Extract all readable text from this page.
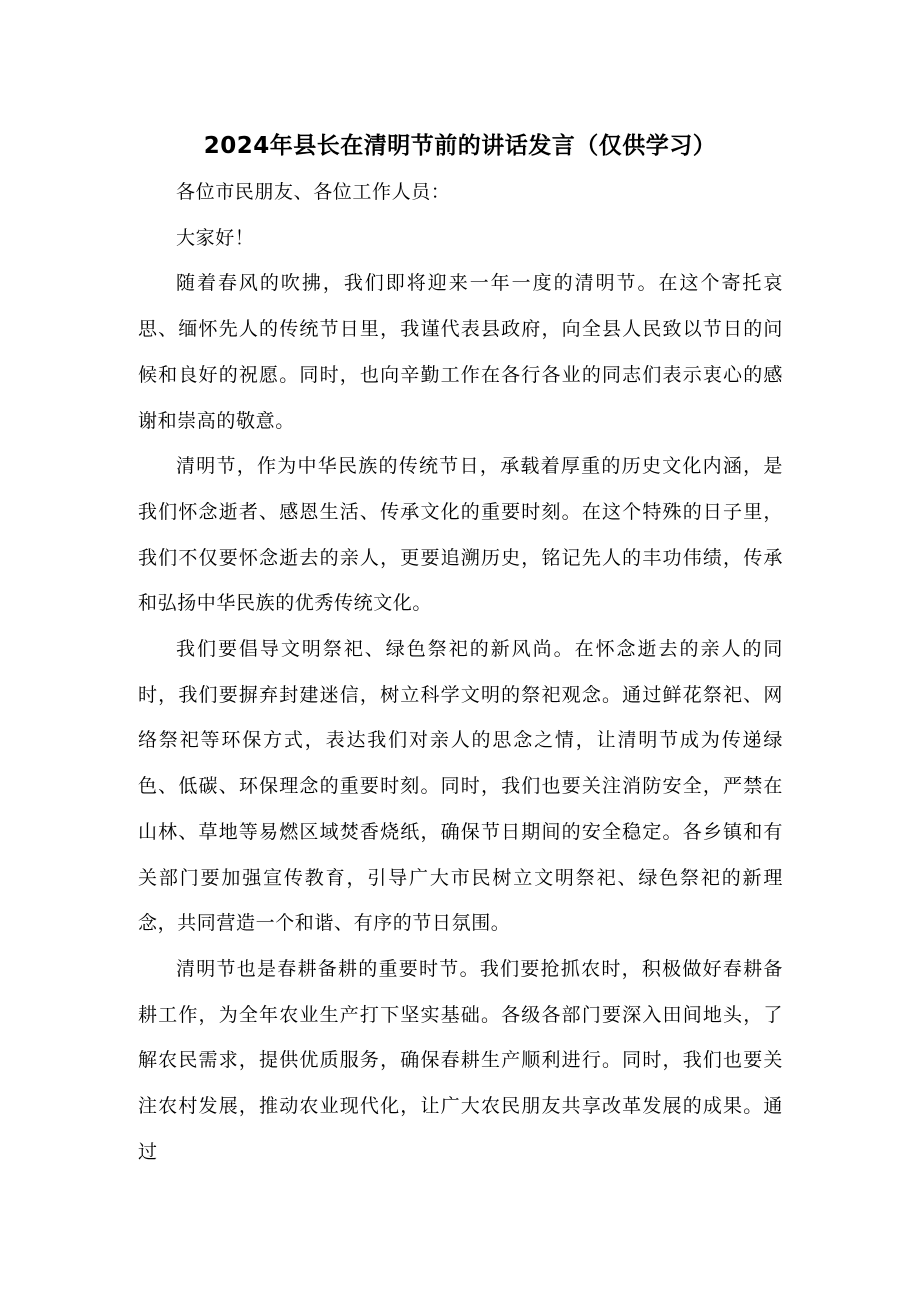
2024年县长在清明节前的讲话发言（仅供学习）

各位市民朋友、各位工作人员：

大家好！

随着春风的吹拂，我们即将迎来一年一度的清明节。在这个寄托哀思、缅怀先人的传统节日里，我谨代表县政府，向全县人民致以节日的问候和良好的祝愿。同时，也向辛勤工作在各行各业的同志们表示衷心的感谢和崇高的敬意。

清明节，作为中华民族的传统节日，承载着厚重的历史文化内涵，是我们怀念逝者、感恩生活、传承文化的重要时刻。在这个特殊的日子里，我们不仅要怀念逝去的亲人，更要追溯历史，铭记先人的丰功伟绩，传承和弘扬中华民族的优秀传统文化。

我们要倡导文明祭祀、绿色祭祀的新风尚。在怀念逝去的亲人的同时，我们要摒弃封建迷信，树立科学文明的祭祀观念。通过鲜花祭祀、网络祭祀等环保方式，表达我们对亲人的思念之情，让清明节成为传递绿色、低碳、环保理念的重要时刻。同时，我们也要关注消防安全，严禁在山林、草地等易燃区域焚香烧纸，确保节日期间的安全稳定。各乡镇和有关部门要加强宣传教育，引导广大市民树立文明祭祀、绿色祭祀的新理念，共同营造一个和谐、有序的节日氛围。

清明节也是春耕备耕的重要时节。我们要抢抓农时，积极做好春耕备耕工作，为全年农业生产打下坚实基础。各级各部门要深入田间地头，了解农民需求，提供优质服务，确保春耕生产顺利进行。同时，我们也要关注农村发展，推动农业现代化，让广大农民朋友共享改革发展的成果。通过
